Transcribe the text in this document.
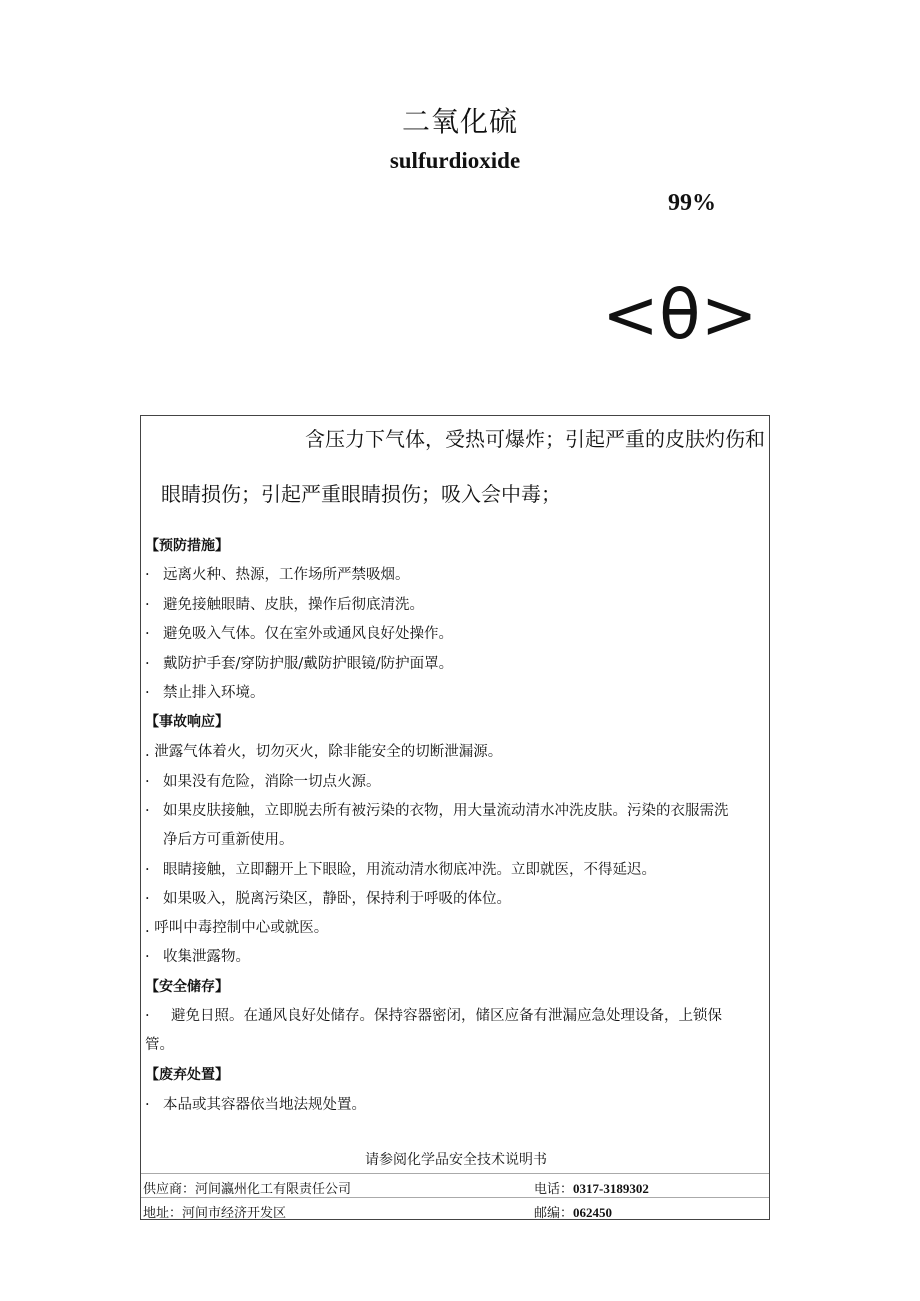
二氧化硫
sulfurdioxide
99%
<θ>
含压力下气体，受热可爆炸；引起严重的皮肤灼伤和
眼睛损伤；引起严重眼睛损伤；吸入会中毒；
【预防措施】
· 远离火种、热源，工作场所严禁吸烟。
· 避免接触眼睛、皮肤，操作后彻底清洗。
· 避免吸入气体。仅在室外或通风良好处操作。
· 戴防护手套/穿防护服/戴防护眼镜/防护面罩。
· 禁止排入环境。
【事故响应】
. 泄露气体着火，切勿灭火，除非能安全的切断泄漏源。
· 如果没有危险，消除一切点火源。
· 如果皮肤接触，立即脱去所有被污染的衣物，用大量流动清水冲洗皮肤。污染的衣服需洗
净后方可重新使用。
· 眼睛接触，立即翻开上下眼睑，用流动清水彻底冲洗。立即就医，不得延迟。
· 如果吸入，脱离污染区，静卧，保持利于呼吸的体位。
. 呼叫中毒控制中心或就医。
· 收集泄露物。
【安全储存】
· 避免日照。在通风良好处储存。保持容器密闭，储区应备有泄漏应急处理设备，上锁保
管。
【废弃处置】
· 本品或其容器依当地法规处置。
请参阅化学品安全技术说明书
供应商：河间瀛州化工有限责任公司	电话：0317-3189302
地址：河间市经济开发区	邮编：062450
